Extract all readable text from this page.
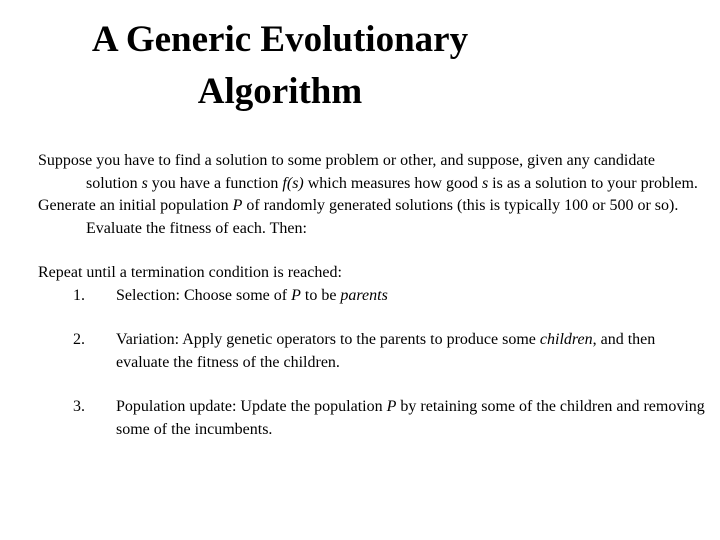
A Generic Evolutionary
Algorithm

Suppose you have to find a solution to some problem or other, and suppose, given any candidate solution s you have a function f(s) which measures how good s is as a solution to your problem.

Generate an initial population P of randomly generated solutions (this is typically 100 or 500 or so). Evaluate the fitness of each. Then:

Repeat until a termination condition is reached:

1.	Selection: Choose some of P to be parents
2.	Variation: Apply genetic operators to the parents to produce some children, and then evaluate the fitness of the children.
3.	Population update: Update the population P by retaining some of the children and removing some of the incumbents.
